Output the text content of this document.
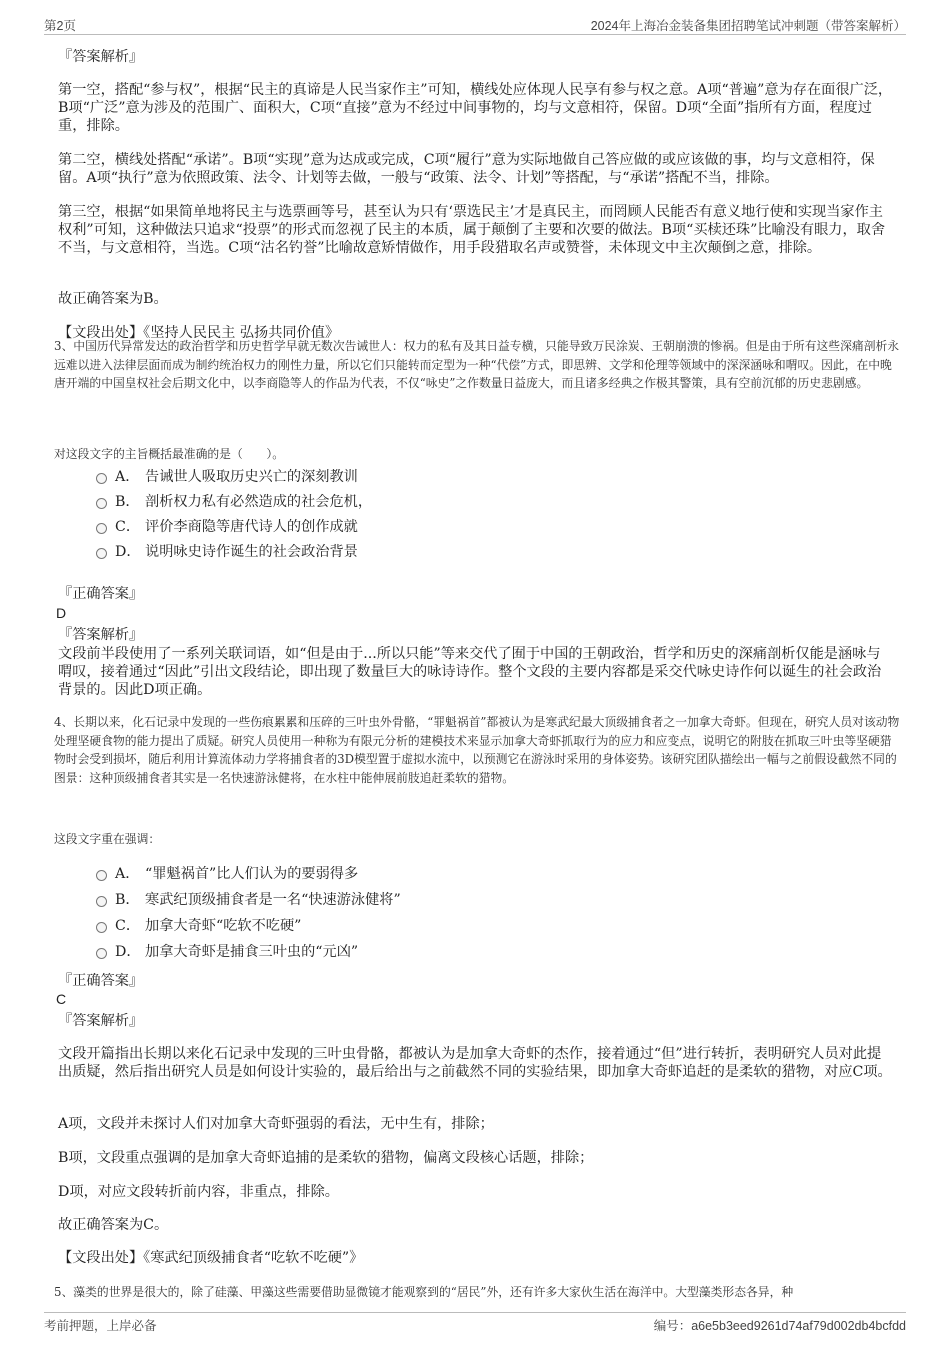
第2页	2024年上海冶金装备集团招聘笔试冲刺题（带答案解析）
『答案解析』
第一空，搭配“参与权”，根据“民主的真谛是人民当家作主”可知，横线处应体现人民享有参与权之意。A项“普遍”意为存在面很广泛，B项“广泛”意为涉及的范围广、面积大，C项“直接”意为不经过中间事物的，均与文意相符，保留。D项“全面”指所有方面，程度过重，排除。
第二空，横线处搭配“承诺”。B项“实现”意为达成或完成，C项“履行”意为实际地做自己答应做的或应该做的事，均与文意相符，保留。A项“执行”意为依照政策、法令、计划等去做，一般与“政策、法令、计划”等搭配，与“承诺”搭配不当，排除。
第三空，根据“如果简单地将民主与选票画等号，甚至认为只有‘票选民主’才是真民主，而罔顾人民能否有意义地行使和实现当家作主权利”可知，这种做法只追求“投票”的形式而忽视了民主的本质，属于颠倒了主要和次要的做法。B项“买椟还珠”比喻没有眼力，取舍不当，与文意相符，当选。C项“沽名钓誉”比喻故意矫情做作，用手段猎取名声或赞誉，未体现文中主次颠倒之意，排除。
故正确答案为B。
【文段出处】《坚持人民民主 弘扬共同价值》
3、中国历代异常发达的政治哲学和历史哲学早就无数次告诫世人：权力的私有及其日益专横，只能导致万民涂炭、王朝崩溃的惨祸。但是由于所有这些深痛剖析永远难以进入法律层面而成为制约统治权力的刚性力量，所以它们只能转而定型为一种“代偿”方式，即思辨、文学和伦理等领域中的深深涵咏和喟叹。因此，在中晚唐开端的中国皇权社会后期文化中，以李商隐等人的作品为代表，不仅“咏史”之作数量日益庞大，而且诸多经典之作极其警策，具有空前沉郁的历史悲剧感。
对这段文字的主旨概括最准确的是（　　）。
A． 告诫世人吸取历史兴亡的深刻教训
B． 剖析权力私有必然造成的社会危机，
C． 评价李商隐等唐代诗人的创作成就
D． 说明咏史诗作诞生的社会政治背景
『正确答案』
D
『答案解析』
文段前半段使用了一系列关联词语，如“但是由于...所以只能”等来交代了囿于中国的王朝政治，哲学和历史的深痛剖析仅能是涵咏与喟叹，接着通过“因此”引出文段结论，即出现了数量巨大的咏诗诗作。整个文段的主要内容都是采交代咏史诗作何以诞生的社会政治背景的。因此D项正确。
4、长期以来，化石记录中发现的一些伤痕累累和压碎的三叶虫外骨骼，“罪魁祸首”都被认为是寒武纪最大顶级捕食者之一加拿大奇虾。但现在，研究人员对该动物处理坚硬食物的能力提出了质疑。研究人员使用一种称为有限元分析的建模技术来显示加拿大奇虾抓取行为的应力和应变点，说明它的附肢在抓取三叶虫等坚硬猎物时会受到损坏，随后利用计算流体动力学将捕食者的3D模型置于虚拟水流中，以预测它在游泳时采用的身体姿势。该研究团队描绘出一幅与之前假设截然不同的图景：这种顶级捕食者其实是一名快速游泳健将，在水柱中能伸展前肢追赶柔软的猎物。
这段文字重在强调：
A． “罪魁祸首”比人们认为的要弱得多
B． 寒武纪顶级捕食者是一名“快速游泳健将”
C． 加拿大奇虾“吃软不吃硬”
D． 加拿大奇虾是捕食三叶虫的“元凶”
『正确答案』
C
『答案解析』
文段开篇指出长期以来化石记录中发现的三叶虫骨骼，都被认为是加拿大奇虾的杰作，接着通过“但”进行转折，表明研究人员对此提出质疑，然后指出研究人员是如何设计实验的，最后给出与之前截然不同的实验结果，即加拿大奇虾追赶的是柔软的猎物，对应C项。
A项，文段并未探讨人们对加拿大奇虾强弱的看法，无中生有，排除；
B项，文段重点强调的是加拿大奇虾追捕的是柔软的猎物，偏离文段核心话题，排除；
D项，对应文段转折前内容，非重点，排除。
故正确答案为C。
【文段出处】《寒武纪顶级捕食者“吃软不吃硬”》
5、藻类的世界是很大的，除了硅藻、甲藻这些需要借助显微镜才能观察到的“居民”外，还有许多大家伙生活在海洋中。大型藻类形态各异，种
考前押题，上岸必备	编号：a6e5b3eed9261d74af79d002db4bcfdd
